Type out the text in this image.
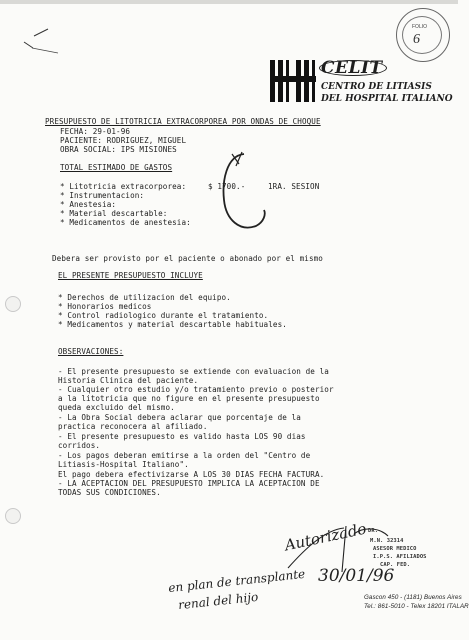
FOLIO
6
CELIT
CENTRO DE LITIASIS
DEL HOSPITAL ITALIANO
PRESUPUESTO DE LITOTRICIA EXTRACORPOREA POR ONDAS DE CHOQUE
FECHA: 29-01-96
PACIENTE: RODRIGUEZ, MIGUEL
OBRA SOCIAL: IPS MISIONES
TOTAL ESTIMADO DE GASTOS
* Litotricia extracorporea:
* Instrumentacion:
* Anestesia:
* Material descartable:
* Medicamentos de anestesia:
$ 1700.-	1RA. SESION
Debera ser provisto por el paciente o abonado por el mismo
EL PRESENTE PRESUPUESTO INCLUYE
* Derechos de utilizacion del equipo.
* Honorarios medicos
* Control radiologico durante el tratamiento.
* Medicamentos y material descartable habituales.
OBSERVACIONES:
- El presente presupuesto se extiende con evaluacion de la
Historia Clinica del paciente.
- Cualquier otro estudio y/o tratamiento previo o posterior
a la litotricia que no figure en el presente presupuesto
queda excluido del mismo.
- La Obra Social debera aclarar que porcentaje de la
practica reconocera al afiliado.
- El presente presupuesto es valido hasta LOS 90 dias
corridos.
- Los pagos deberan emitirse a la orden del "Centro de
Litiasis-Hospital Italiano".
El pago debera efectivizarse A LOS 30 DIAS FECHA FACTURA.
- LA ACEPTACION DEL PRESUPUESTO IMPLICA LA ACEPTACION DE
TODAS SUS CONDICIONES.
Autorizado DR.
M.N. 32314
ASESOR MEDICO
I.P.S. AFILIADOS
CAP. FED.
en plan de transplante
renal del hijo
30/01/96
Gascon 450 - (1181) Buenos Aires
Tel.: 861-5010 - Telex 18201 ITALAR
